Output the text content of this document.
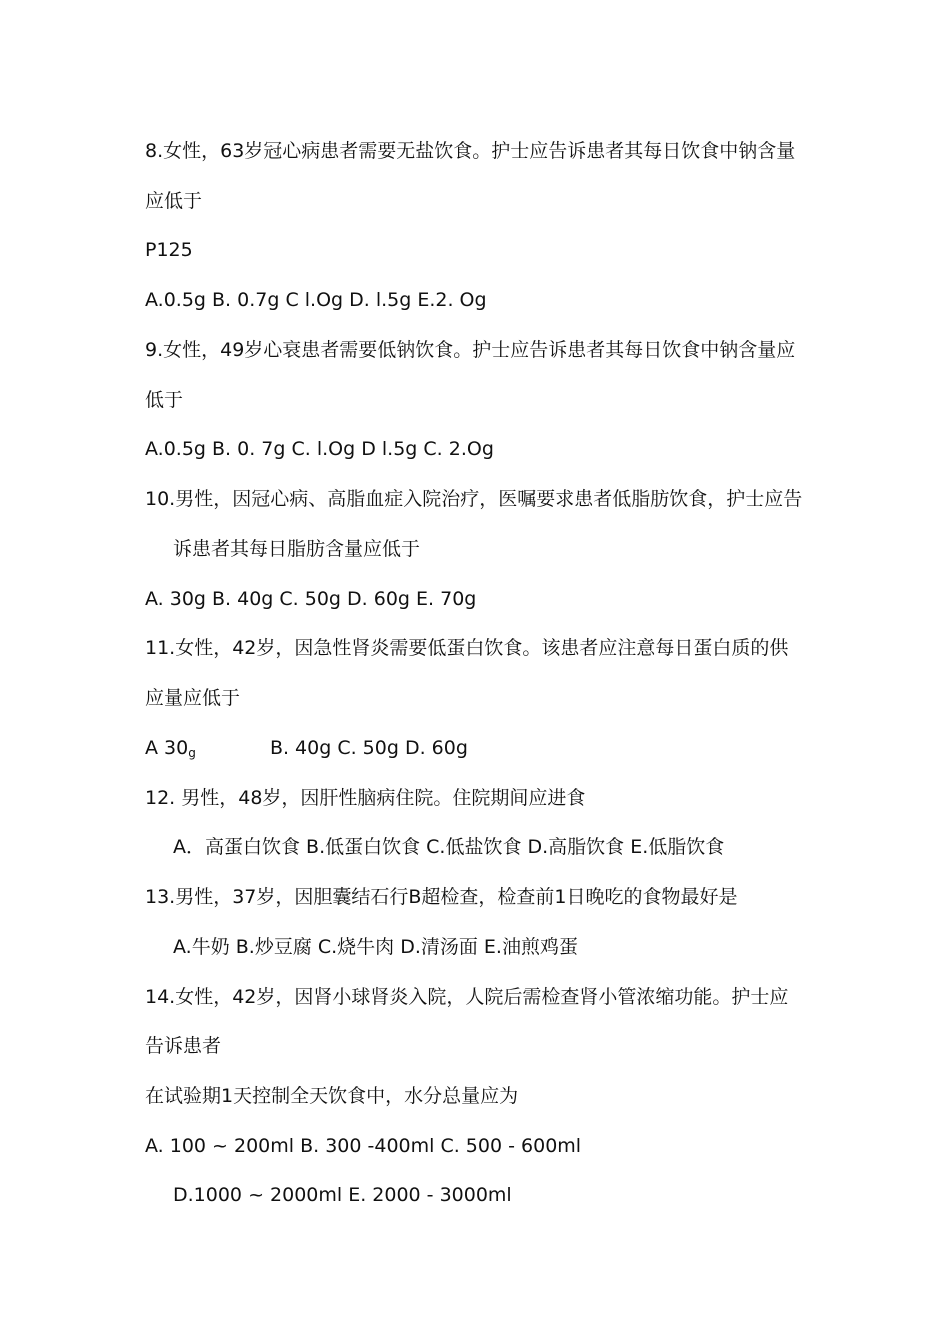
8.女性，63岁冠心病患者需要无盐饮食。护士应告诉患者其每日饮食中钠含量
应低于
P125
A.0.5g B. 0.7g C l.Og D. l.5g E.2. Og
9.女性，49岁心衰患者需要低钠饮食。护士应告诉患者其每日饮食中钠含量应
低于
A.0.5g B. 0. 7g C. l.Og D l.5g C. 2.Og
10.男性，因冠心病、高脂血症入院治疗，医嘱要求患者低脂肪饮食，护士应告
诉患者其每日脂肪含量应低于
A. 30g B. 40g C. 50g D. 60g E. 70g
11.女性，42岁，因急性肾炎需要低蛋白饮食。该患者应注意每日蛋白质的供
应量应低于
A $30_g$	B. 40g C. 50g D. 60g
12. 男性，48岁，因肝性脑病住院。住院期间应进食
A．高蛋白饮食 B.低蛋白饮食 C.低盐饮食 D.高脂饮食 E.低脂饮食
13.男性，37岁，因胆囊结石行B超检查，检查前1日晚吃的食物最好是
A.牛奶 B.炒豆腐 C.烧牛肉 D.清汤面 E.油煎鸡蛋
14.女性，42岁，因肾小球肾炎入院，人院后需检查肾小管浓缩功能。护士应
告诉患者
在试验期1天控制全天饮食中，水分总量应为
A. 100 ~ 200ml B. 300 -400ml C. 500 - 600ml
D.1000 ~ 2000ml E. 2000 - 3000ml
